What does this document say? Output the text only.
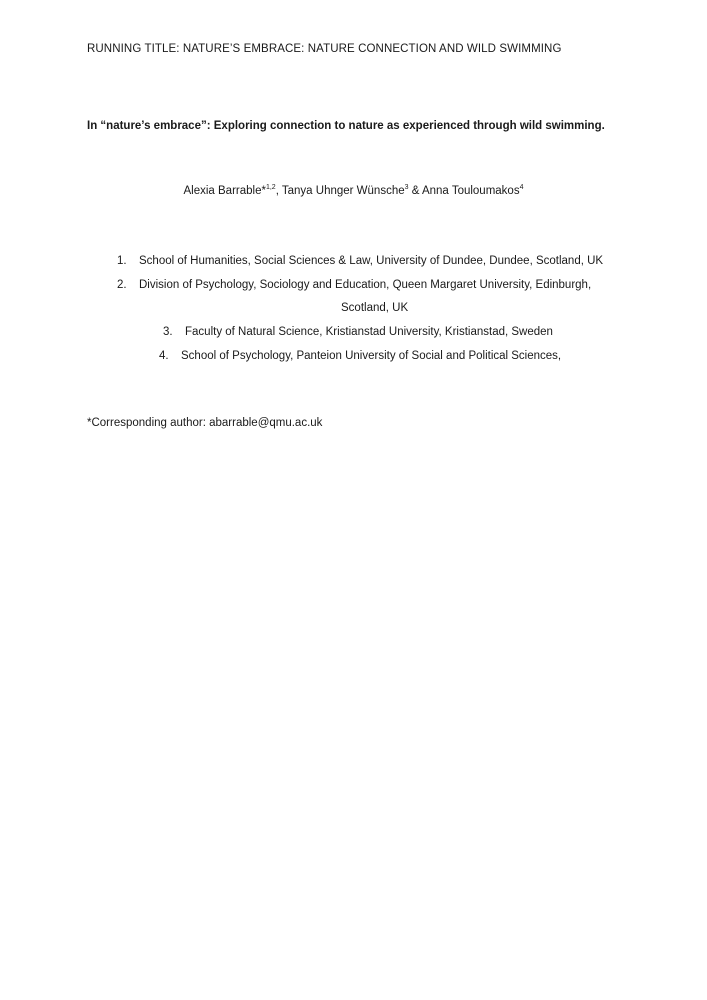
RUNNING TITLE: NATURE’S EMBRACE: NATURE CONNECTION AND WILD SWIMMING
In “nature’s embrace”: Exploring connection to nature as experienced through wild swimming.
Alexia Barrable*$^{1,2}$, Tanya Uhnger Wünsche$^3$ & Anna Touloumakos$^4$
1. School of Humanities, Social Sciences & Law, University of Dundee, Dundee, Scotland, UK
2. Division of Psychology, Sociology and Education, Queen Margaret University, Edinburgh,
Scotland, UK
3. Faculty of Natural Science, Kristianstad University, Kristianstad, Sweden
4. School of Psychology, Panteion University of Social and Political Sciences,
*Corresponding author: abarrable@qmu.ac.uk
